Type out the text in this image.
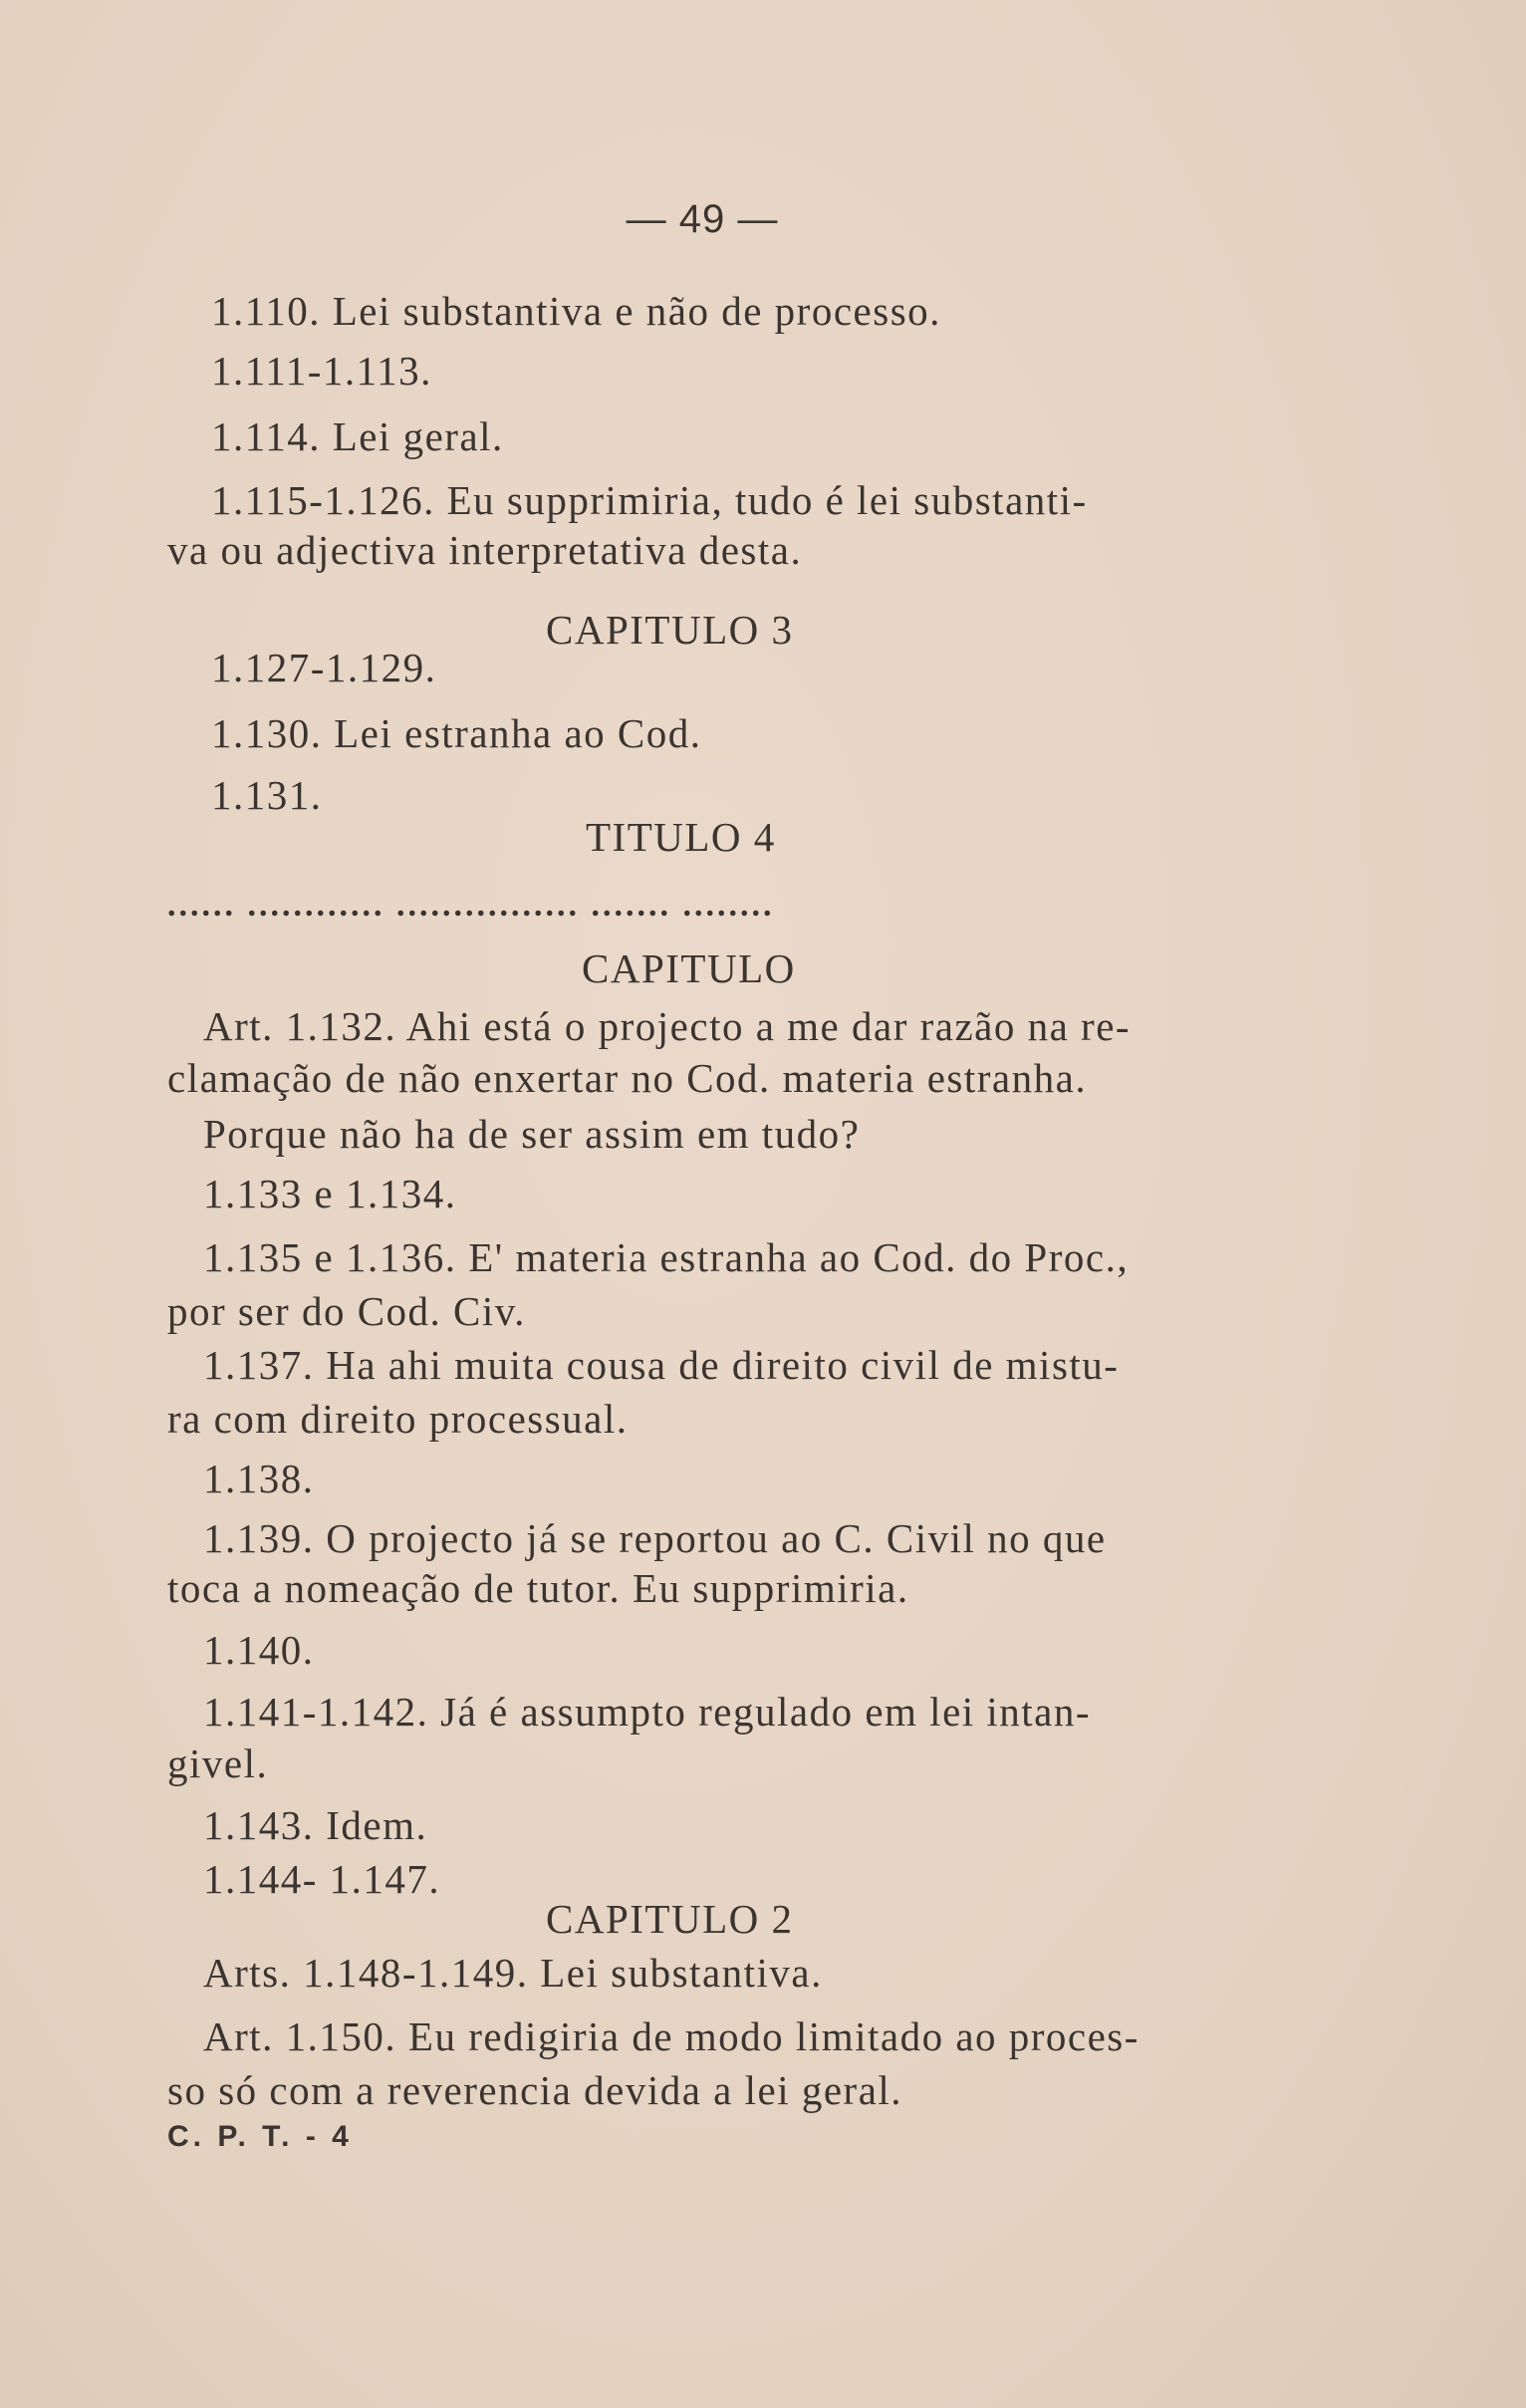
— 49 —
1.110. Lei substantiva e não de processo.
1.111-1.113.
1.114. Lei geral.
1.115-1.126. Eu supprimiria, tudo é lei substanti-
va ou adjectiva interpretativa desta.
CAPITULO 3
1.127-1.129.
1.130. Lei estranha ao Cod.
1.131.
TITULO 4
...... ............ ................ ....... ........
CAPITULO
Art. 1.132. Ahi está o projecto a me dar razão na re-
clamação de não enxertar no Cod. materia estranha.
Porque não ha de ser assim em tudo?
1.133 e 1.134.
1.135 e 1.136. E' materia estranha ao Cod. do Proc.,
por ser do Cod. Civ.
1.137. Ha ahi muita cousa de direito civil de mistu-
ra com direito processual.
1.138.
1.139. O projecto já se reportou ao C. Civil no que
toca a nomeação de tutor. Eu supprimiria.
1.140.
1.141-1.142. Já é assumpto regulado em lei intan-
givel.
1.143. Idem.
1.144- 1.147.
CAPITULO 2
Arts. 1.148-1.149. Lei substantiva.
Art. 1.150. Eu redigiria de modo limitado ao proces-
so só com a reverencia devida a lei geral.
C. P. T. - 4
